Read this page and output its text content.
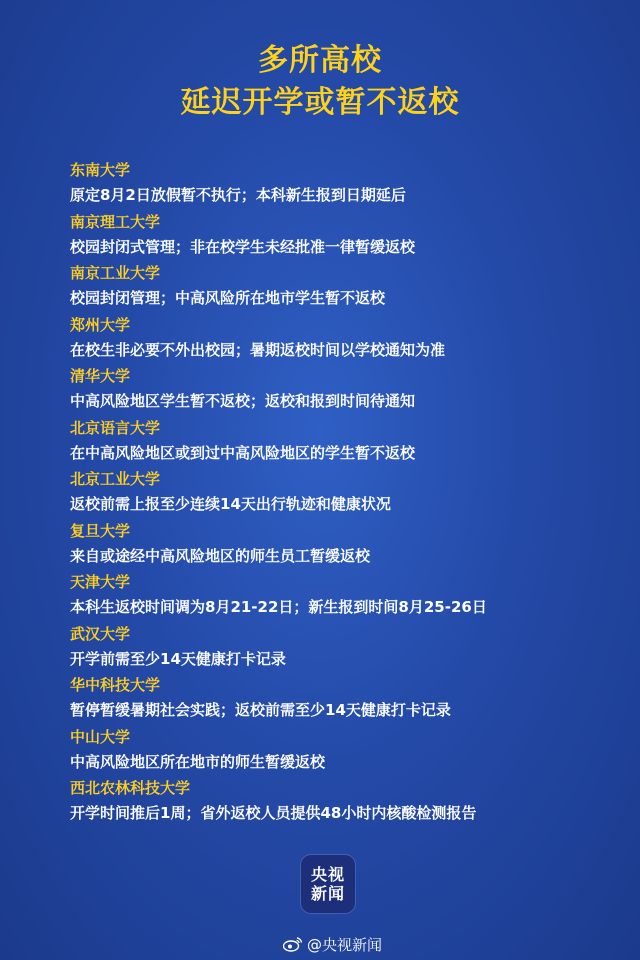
多所高校
延迟开学或暂不返校
东南大学
原定8月2日放假暂不执行；本科新生报到日期延后
南京理工大学
校园封闭式管理；非在校学生未经批准一律暂缓返校
南京工业大学
校园封闭管理；中高风险所在地市学生暂不返校
郑州大学
在校生非必要不外出校园；暑期返校时间以学校通知为准
清华大学
中高风险地区学生暂不返校；返校和报到时间待通知
北京语言大学
在中高风险地区或到过中高风险地区的学生暂不返校
北京工业大学
返校前需上报至少连续14天出行轨迹和健康状况
复旦大学
来自或途经中高风险地区的师生员工暂缓返校
天津大学
本科生返校时间调为8月21-22日；新生报到时间8月25-26日
武汉大学
开学前需至少14天健康打卡记录
华中科技大学
暂停暂缓暑期社会实践；返校前需至少14天健康打卡记录
中山大学
中高风险地区所在地市的师生暂缓返校
西北农林科技大学
开学时间推后1周；省外返校人员提供48小时内核酸检测报告
央视
新闻
@央视新闻
